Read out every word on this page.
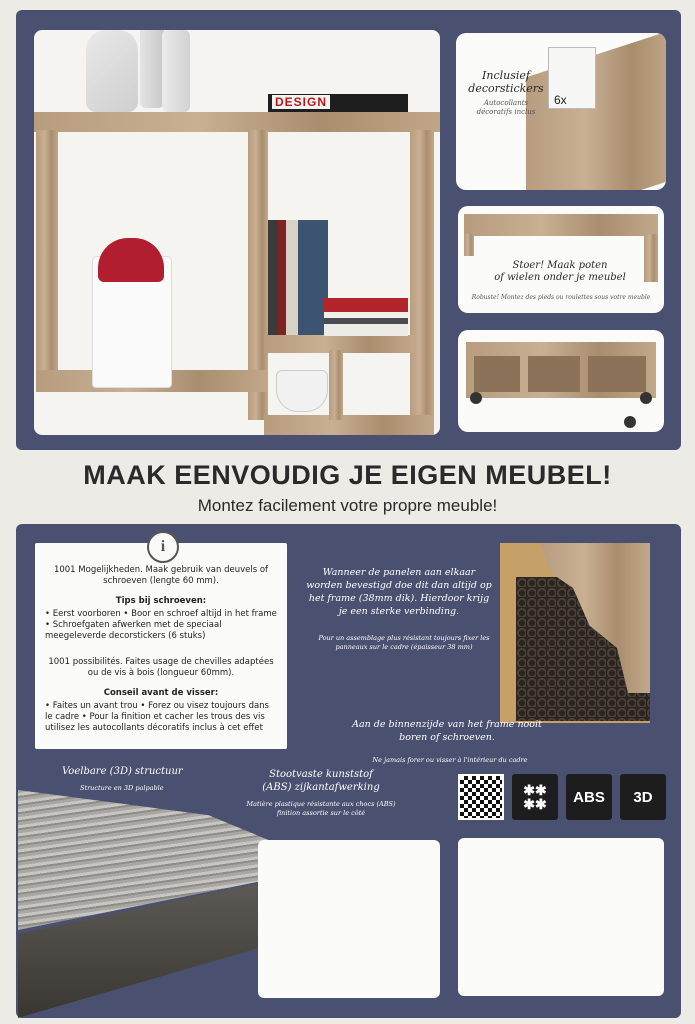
DESIGN	6x
Inclusief
decorstickers
Autocollants
décoratifs inclus
Stoer! Maak poten
of wielen onder je meubel
Robuste! Montez des pieds ou roulettes sous votre meuble
MAAK EENVOUDIG JE EIGEN MEUBEL!
Montez facilement votre propre meuble!
i
1001 Mogelijkheden. Maak gebruik van deuvels of schroeven (lengte 60 mm).
Tips bij schroeven:
• Eerst voorboren • Boor en schroef altijd in het frame • Schroefgaten afwerken met de speciaal meegeleverde decorstickers (6 stuks)
1001 possibilités. Faites usage de chevilles adaptées ou de vis à bois (longueur 60mm).
Conseil avant de visser:
• Faites un avant trou • Forez ou visez toujours dans le cadre • Pour la finition et cacher les trous des vis utilisez les autocollants décoratifs inclus à cet effet
Wanneer de panelen aan elkaar worden bevestigd doe dit dan altijd op het frame (38mm dik). Hierdoor krijg je een sterke verbinding.
Pour un assemblage plus résistant toujours fixer les panneaux sur le cadre (épaisseur 38 mm)
Aan de binnenzijde van het frame nooit boren of schroeven.
Ne jamais forer ou visser à l'intérieur du cadre
✱✱
✱✱	ABS	3D
Voelbare (3D) structuur
Structure en 3D palpable
Stootvaste kunststof
(ABS) zijkantafwerking
Matière plastique résistante aux chocs (ABS)
finition assortie sur le côté
